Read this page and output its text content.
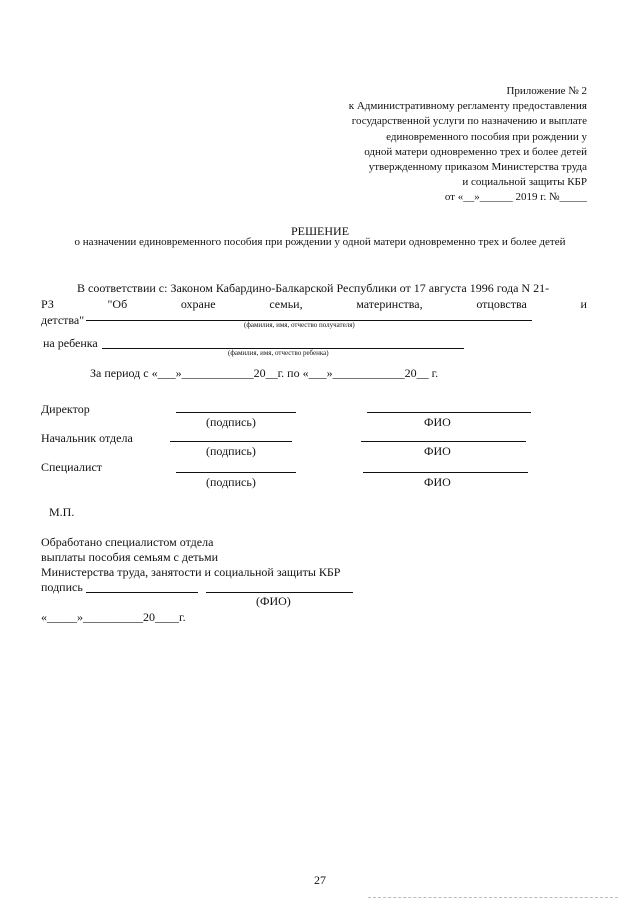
Приложение № 2
к Административному регламенту предоставления
государственной услуги по назначению и выплате
единовременного пособия при рождении у
одной матери одновременно трех и более детей
утвержденному приказом Министерства труда
и социальной защиты КБР
от «__»______ 2019 г. №_____
РЕШЕНИЕ
о назначении единовременного пособия при рождении у одной матери одновременно трех и более детей
В соответствии с: Законом Кабардино-Балкарской Республики от 17 августа 1996 года N 21-
РЗ	"Об	охране	семьи,	материнства,	отцовства	и
детства"	(фамилия, имя, отчество получателя)
на ребенка
(фамилия, имя, отчество ребенка)
За период с «___»____________20__г. по «___»____________20__ г.
Директор
(подпись)	ФИО
Начальник отдела
(подпись)	ФИО
Специалист
(подпись)	ФИО
М.П.
Обработано специалистом отдела
выплаты пособия семьям с детьми
Министерства труда, занятости и социальной защиты КБР
подпись
(ФИО)
«_____»__________20____г.
27
